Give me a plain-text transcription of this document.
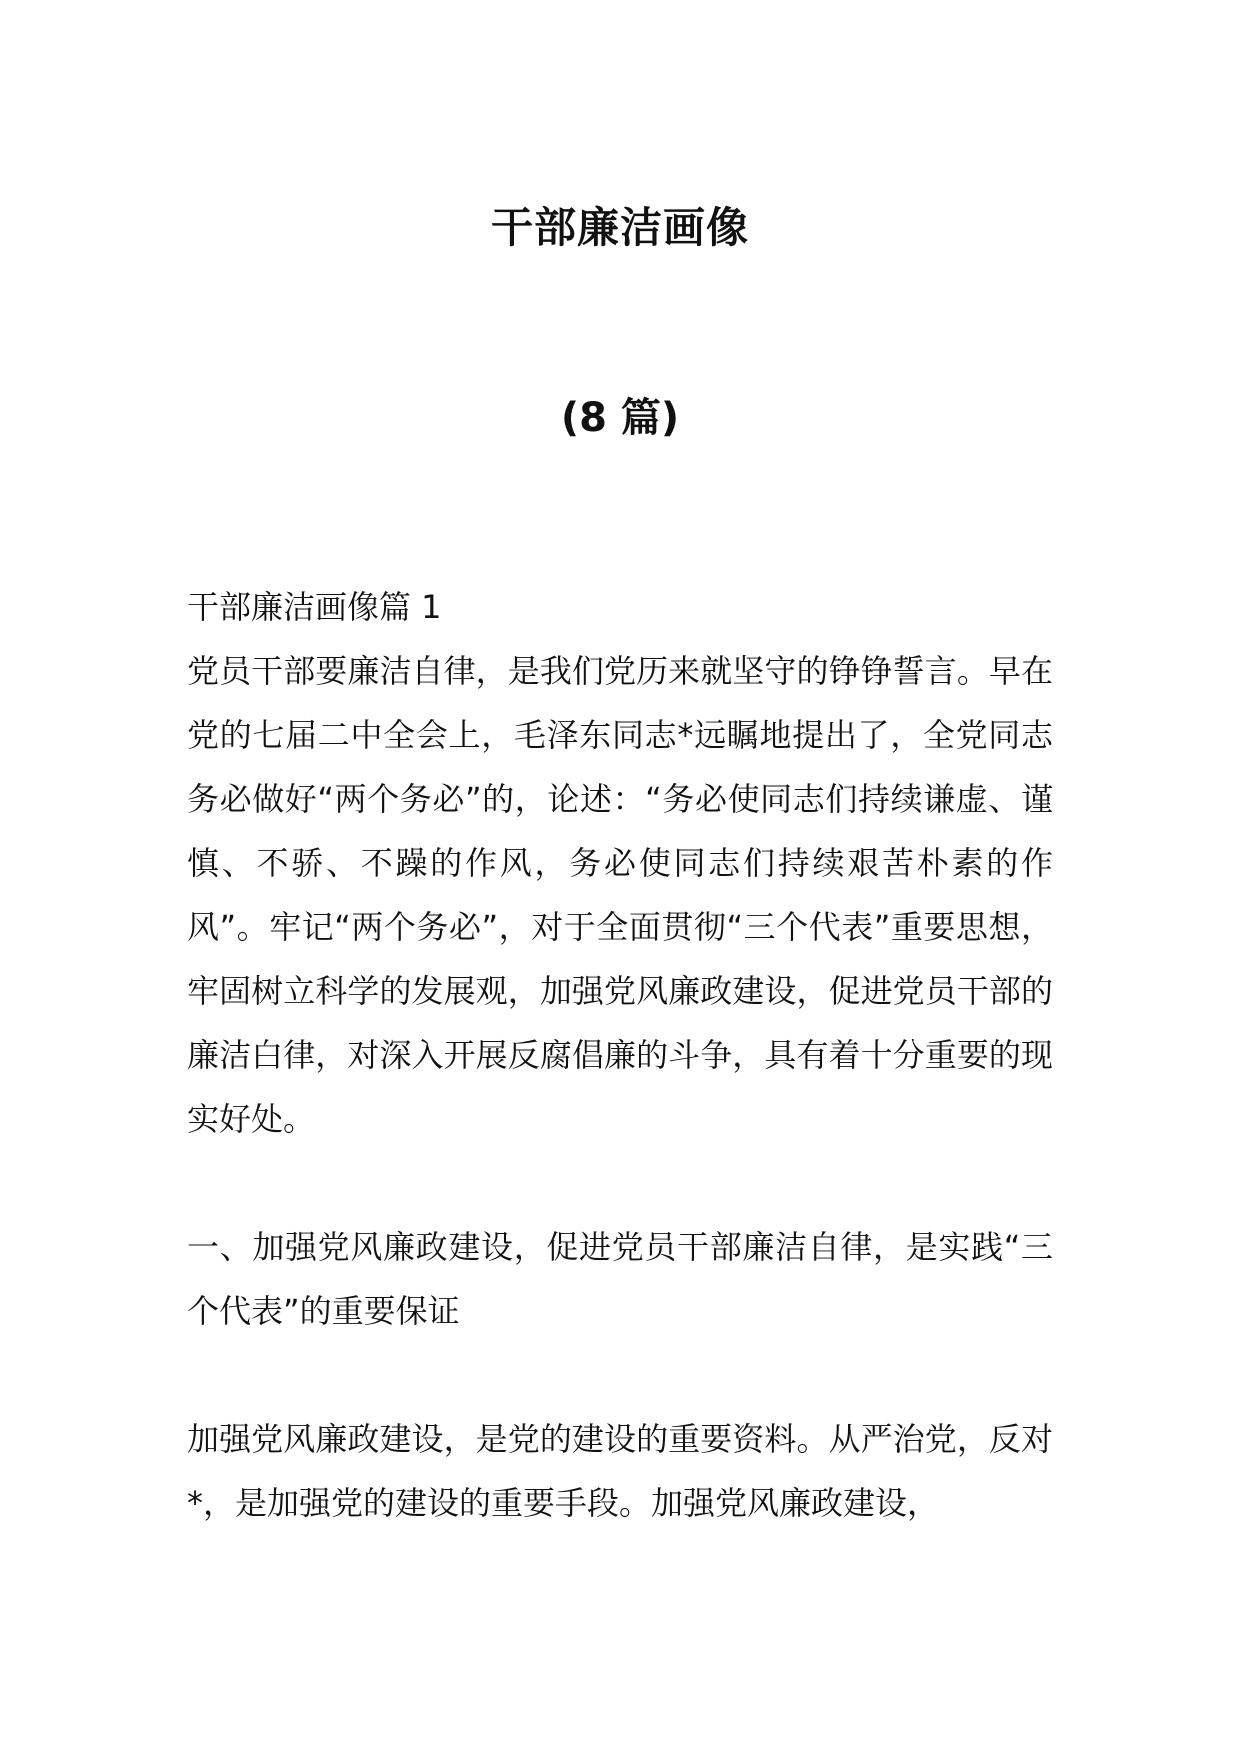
干部廉洁画像
(8 篇)

干部廉洁画像篇 1

党员干部要廉洁自律，是我们党历来就坚守的铮铮誓言。早在党的七届二中全会上，毛泽东同志*远瞩地提出了，全党同志务必做好“两个务必”的，论述：“务必使同志们持续谦虚、谨慎、不骄、不躁的作风，务必使同志们持续艰苦朴素的作风”。牢记“两个务必”，对于全面贯彻“三个代表”重要思想，牢固树立科学的发展观，加强党风廉政建设，促进党员干部的廉洁白律，对深入开展反腐倡廉的斗争，具有着十分重要的现实好处。

一、加强党风廉政建设，促进党员干部廉洁自律，是实践“三个代表”的重要保证

加强党风廉政建设，是党的建设的重要资料。从严治党，反对*，是加强党的建设的重要手段。加强党风廉政建设，
